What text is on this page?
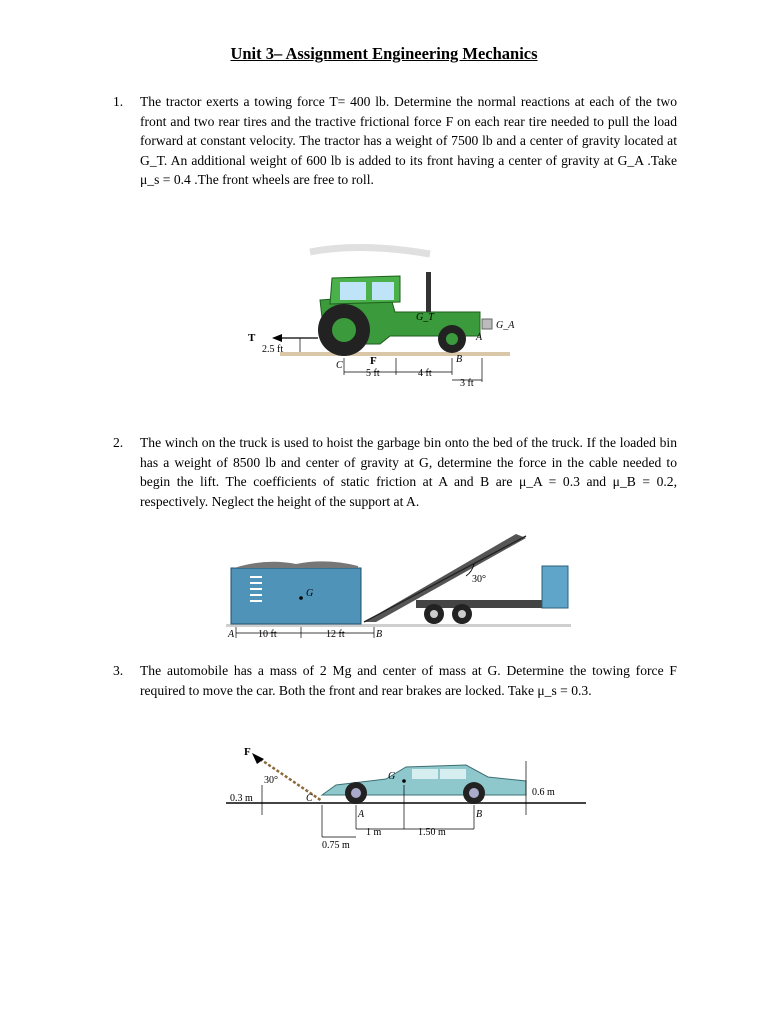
Unit 3– Assignment Engineering Mechanics
1. The tractor exerts a towing force T= 400 lb. Determine the normal reactions at each of the two front and two rear tires and the tractive frictional force F on each rear tire needed to pull the load forward at constant velocity. The tractor has a weight of 7500 lb and a center of gravity located at G_T. An additional weight of 600 lb is added to its front having a center of gravity at G_A .Take μ_s = 0.4 .The front wheels are free to roll.
T
2.5 ft
C F
5 ft	4 ft
B
3 ft
A
G_T
G_A
2. The winch on the truck is used to hoist the garbage bin onto the bed of the truck. If the loaded bin has a weight of 8500 lb and center of gravity at G, determine the force in the cable needed to begin the lift. The coefficients of static friction at A and B are μ_A = 0.3 and μ_B = 0.2, respectively. Neglect the height of the support at A.
G
30°
A 10 ft	12 ft	B
3. The automobile has a mass of 2 Mg and center of mass at G. Determine the towing force F required to move the car. Both the front and rear brakes are locked. Take μ_s = 0.3.
F
30°
0.3 m	C
G
0.6 m
A	B
1 m	1.50 m
0.75 m
